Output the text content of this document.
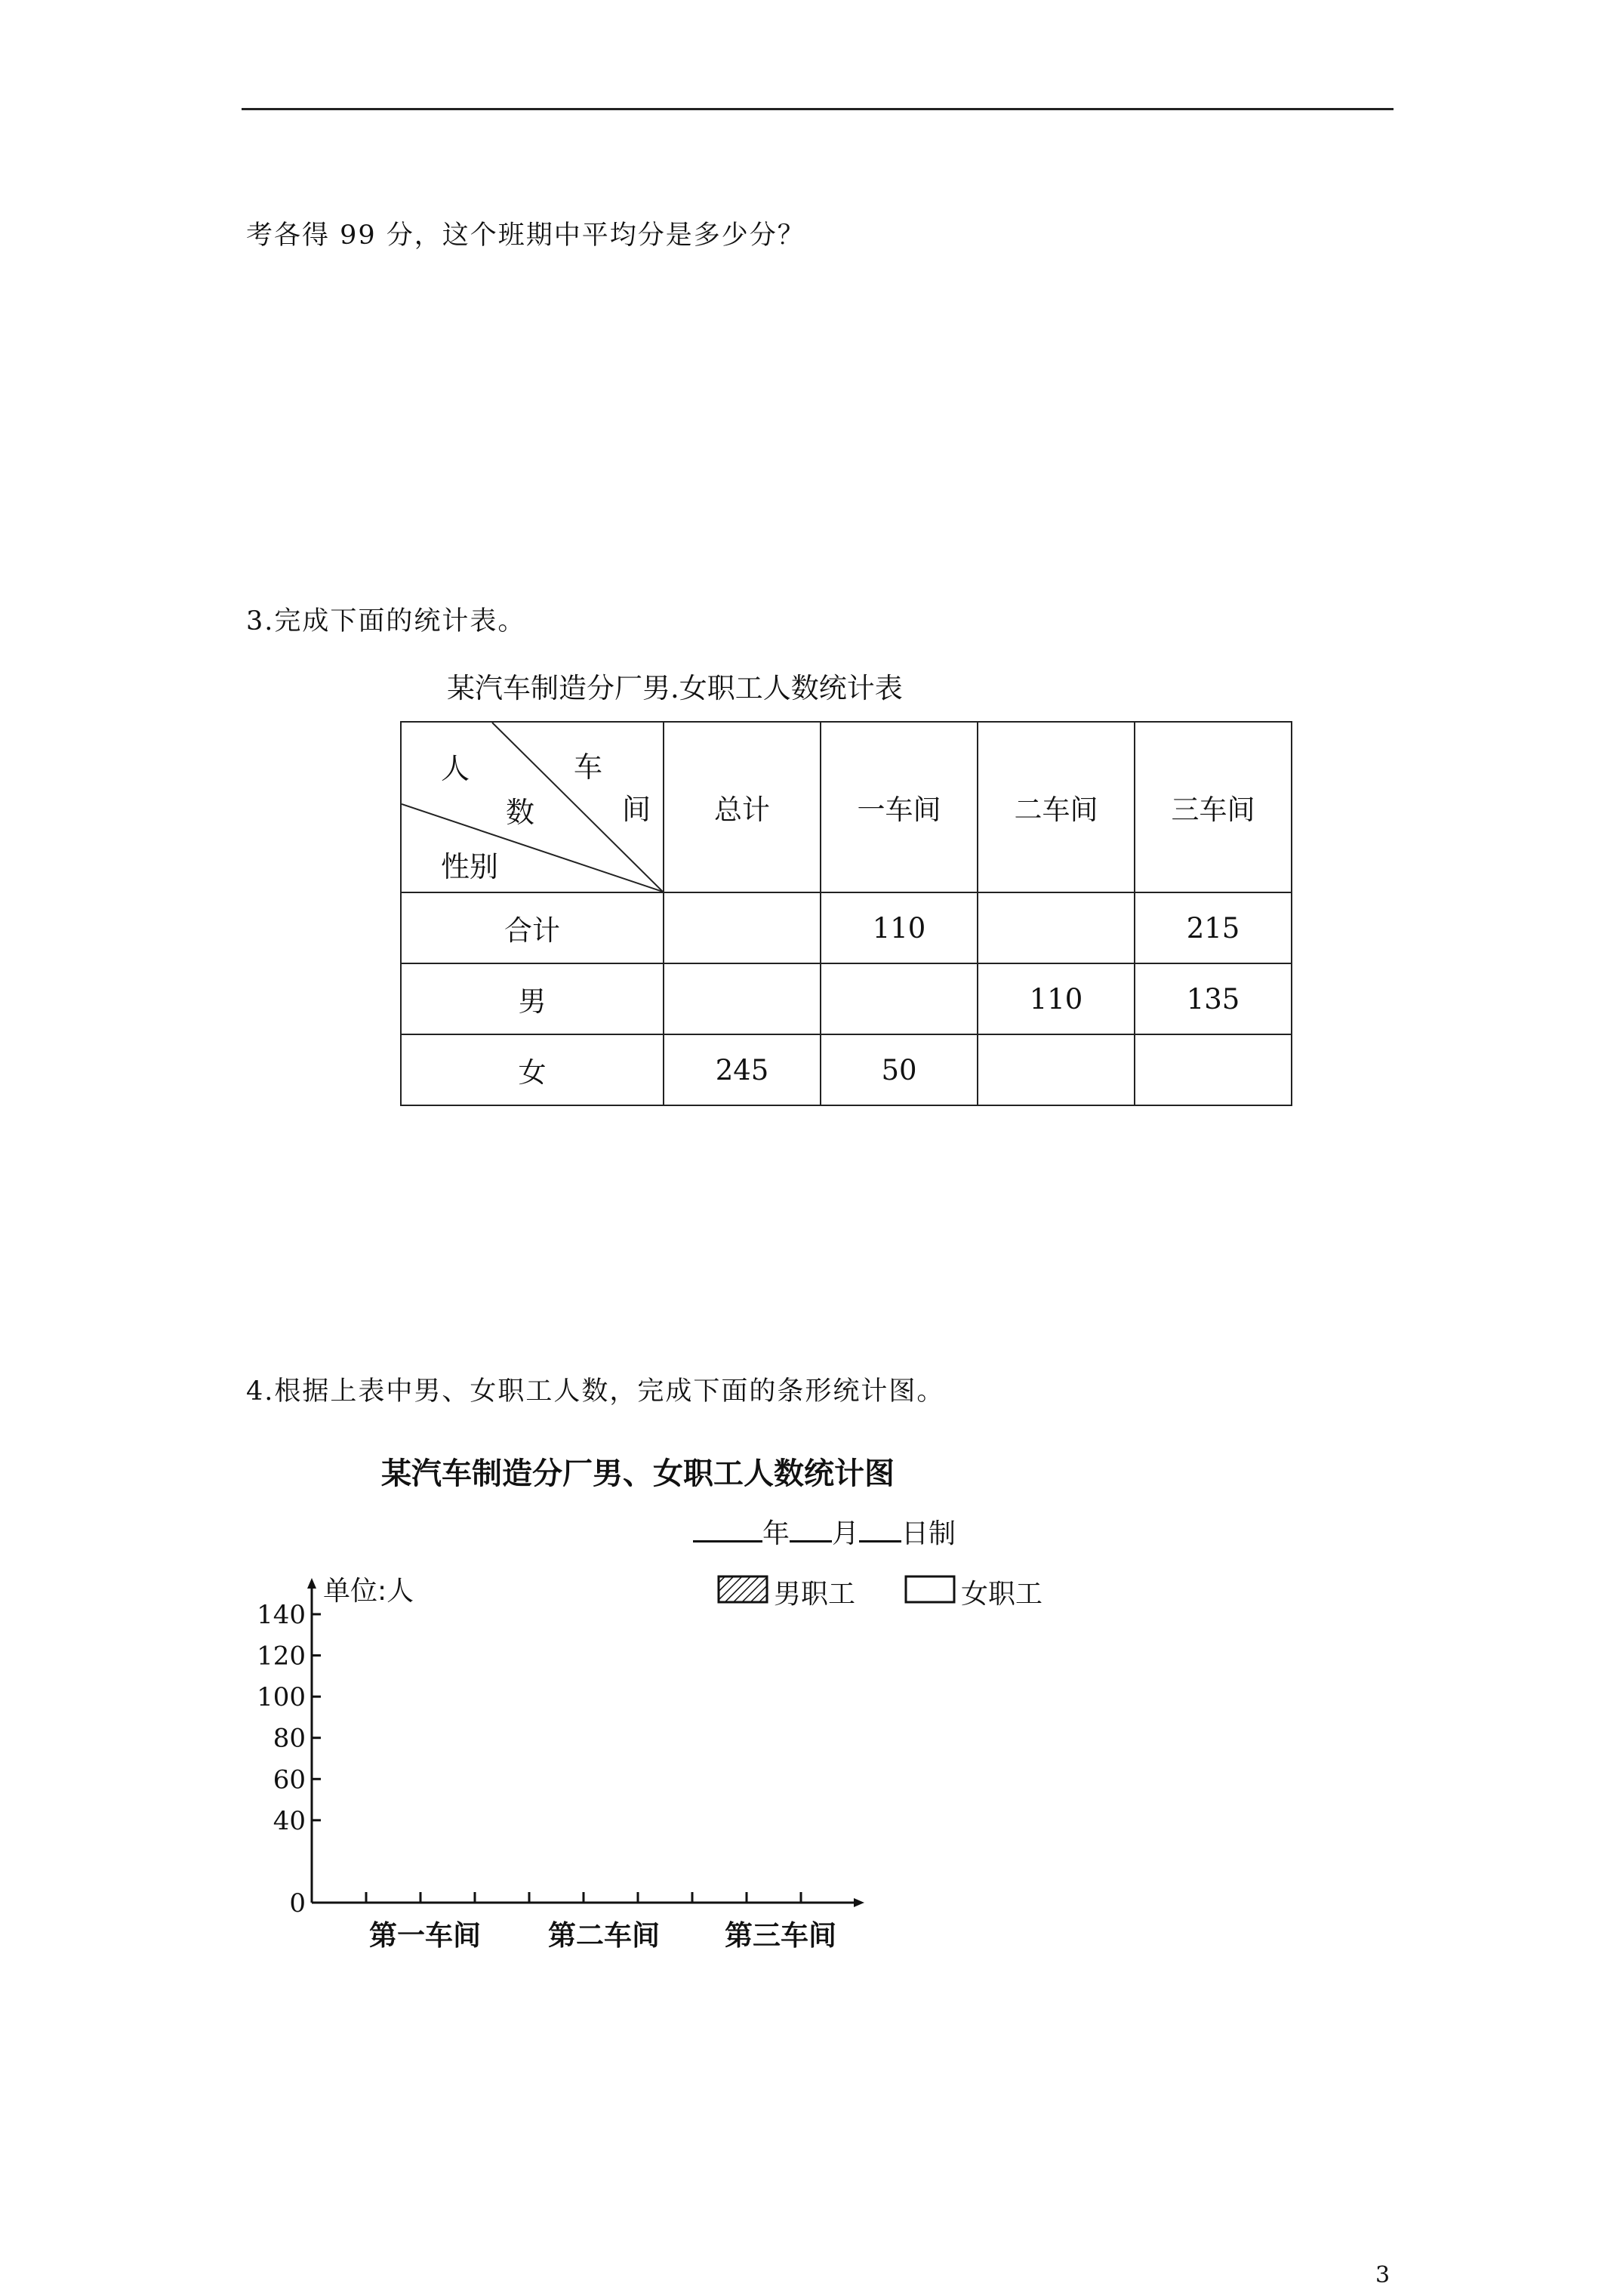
考各得 99 分，这个班期中平均分是多少分？
3.完成下面的统计表。
某汽车制造分厂男.女职工人数统计表
人 车
数 间
性别	总计	一车间	二车间	三车间
合计		110		215
男			110	135
女	245	50		
4.根据上表中男、女职工人数，完成下面的条形统计图。
某汽车制造分厂男、女职工人数统计图
年 月 日制
男职工	女职工
单位:人
0
40
60
80
100
120
140
第一车间 第二车间 第三车间
3
